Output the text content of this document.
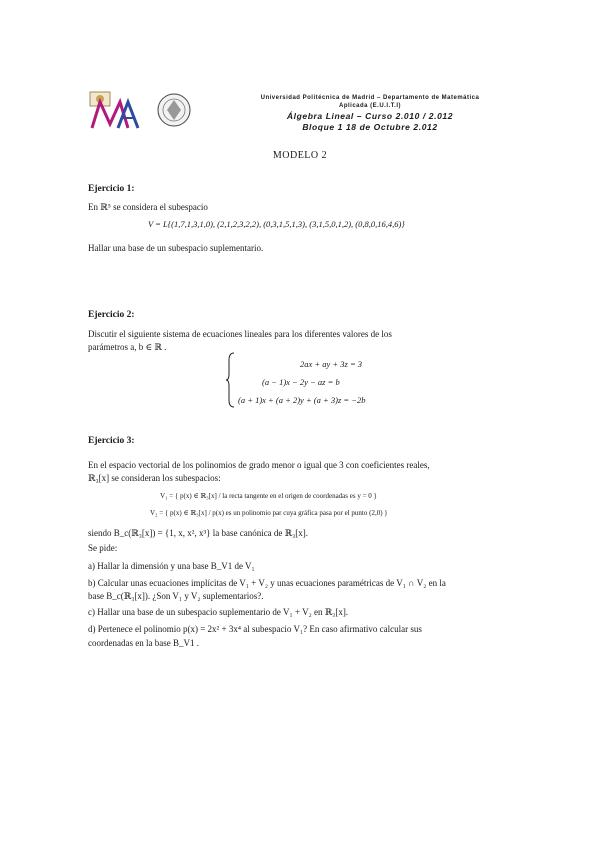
Universidad Politécnica de Madrid – Departamento de Matemática
Aplicada (E.U.I.T.I)
Álgebra Lineal – Curso 2.010 / 2.012
Bloque 1 18 de Octubre 2.012
MODELO 2
Ejercicio 1:
En ℝ⁵ se considera el subespacio
V = L{(1,7,1,3,1,0), (2,1,2,3,2,2), (0,3,1,5,1,3), (3,1,5,0,1,2), (0,8,0,16,4,6)}
Hallar una base de un subespacio suplementario.
Ejercicio 2:
Discutir el siguiente sistema de ecuaciones lineales para los diferentes valores de los
parámetros a, b ∈ ℝ .
2ax + ay + 3z = 3
(a − 1)x − 2y − az = b
(a + 1)x + (a + 2)y + (a + 3)z = −2b
Ejercicio 3:
En el espacio vectorial de los polinomios de grado menor o igual que 3 con coeficientes reales,
ℝ₃[x] se consideran los subespacios:
V₁ = { p(x) ∈ ℝ₃[x] / la recta tangente en el origen de coordenadas es y = 0 }
V₂ = { p(x) ∈ ℝ₃[x] / p(x) es un polinomio par cuya gráfica pasa por el punto (2,0) }
siendo B_c(ℝ₃[x]) = {1, x, x², x³} la base canónica de ℝ₃[x].
Se pide:
a) Hallar la dimensión y una base B_V1 de V₁
b) Calcular unas ecuaciones implícitas de V₁ + V₂ y unas ecuaciones paramétricas de V₁ ∩ V₂ en la
base B_c(ℝ₃[x]). ¿Son V₁ y V₂ suplementarios?.
c) Hallar una base de un subespacio suplementario de V₁ + V₂ en ℝ₃[x].
d) Pertenece el polinomio p(x) = 2x² + 3x⁴ al subespacio V₁? En caso afirmativo calcular sus
coordenadas en la base B_V1 .
